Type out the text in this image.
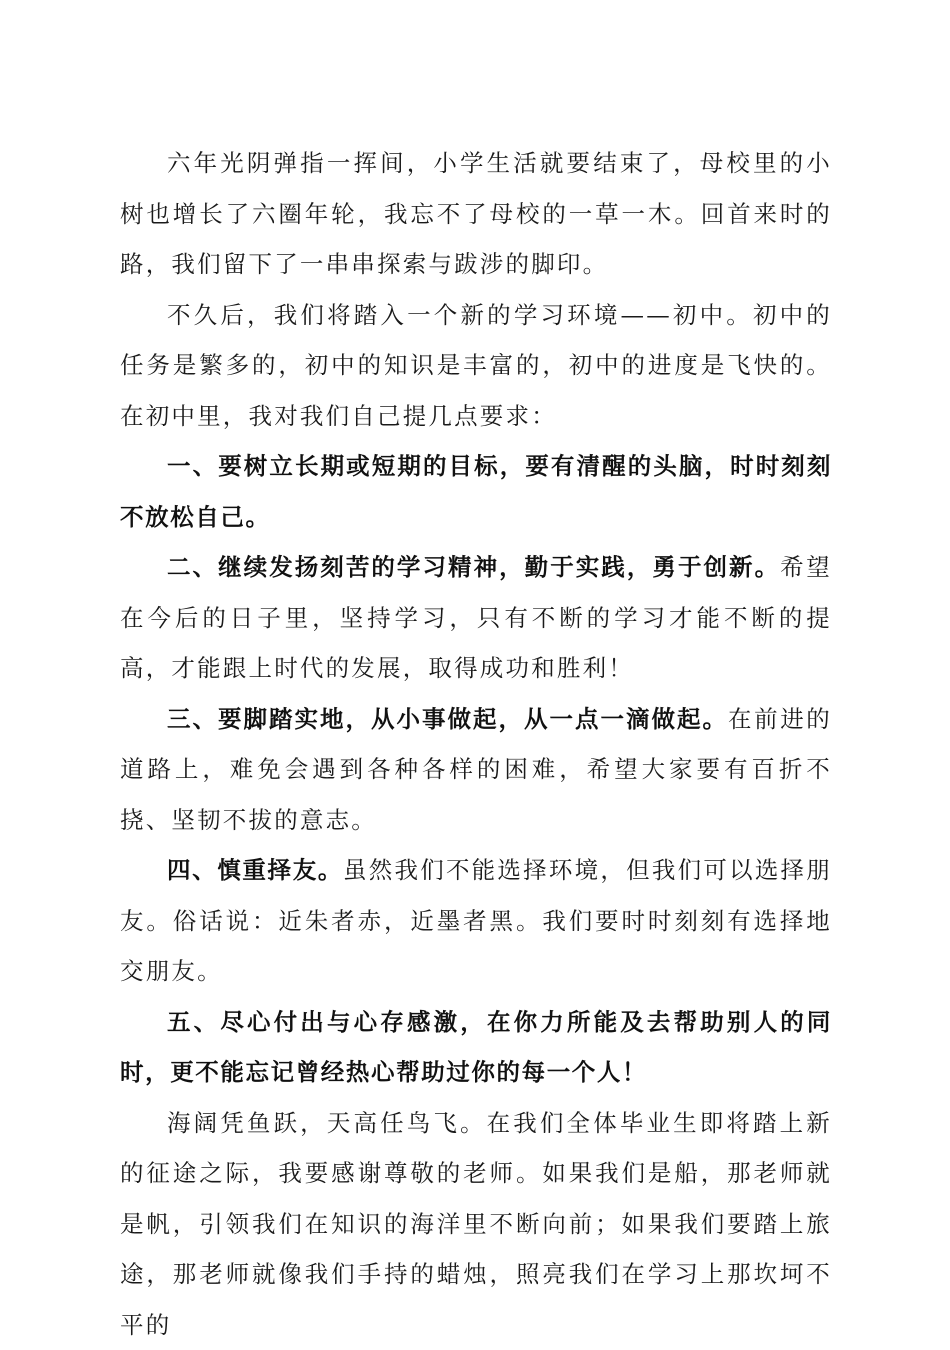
六年光阴弹指一挥间，小学生活就要结束了，母校里的小树也增长了六圈年轮，我忘不了母校的一草一木。回首来时的路，我们留下了一串串探索与跋涉的脚印。

不久后，我们将踏入一个新的学习环境——初中。初中的任务是繁多的，初中的知识是丰富的，初中的进度是飞快的。在初中里，我对我们自己提几点要求：

一、要树立长期或短期的目标，要有清醒的头脑，时时刻刻不放松自己。

二、继续发扬刻苦的学习精神，勤于实践，勇于创新。希望在今后的日子里，坚持学习，只有不断的学习才能不断的提高，才能跟上时代的发展，取得成功和胜利！

三、要脚踏实地，从小事做起，从一点一滴做起。在前进的道路上，难免会遇到各种各样的困难，希望大家要有百折不挠、坚韧不拔的意志。

四、慎重择友。虽然我们不能选择环境，但我们可以选择朋友。俗话说：近朱者赤，近墨者黑。我们要时时刻刻有选择地交朋友。

五、尽心付出与心存感激，在你力所能及去帮助别人的同时，更不能忘记曾经热心帮助过你的每一个人！

海阔凭鱼跃，天高任鸟飞。在我们全体毕业生即将踏上新的征途之际，我要感谢尊敬的老师。如果我们是船，那老师就是帆，引领我们在知识的海洋里不断向前；如果我们要踏上旅途，那老师就像我们手持的蜡烛，照亮我们在学习上那坎坷不平的
